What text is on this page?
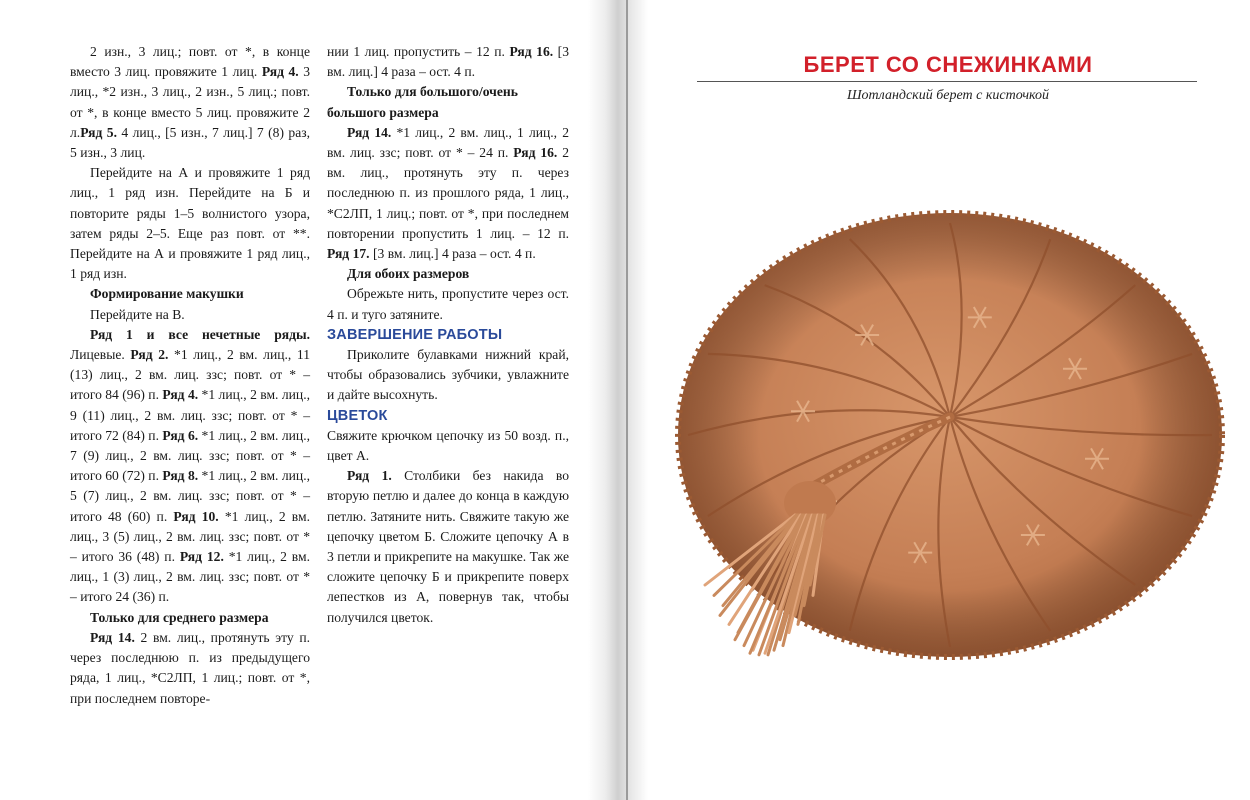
2 изн., 3 лиц.; повт. от *, в конце вместо 3 лиц. провяжите 1 лиц. Ряд 4. 3 лиц., *2 изн., 3 лиц., 2 изн., 5 лиц.; повт. от *, в конце вместо 5 лиц. провяжите 2 л.Ряд 5. 4 лиц., [5 изн., 7 лиц.] 7 (8) раз, 5 изн., 3 лиц.

Перейдите на А и провяжите 1 ряд лиц., 1 ряд изн. Перейдите на Б и повторите ряды 1–5 волнистого узора, затем ряды 2–5. Еще раз повт. от **. Перейдите на А и провяжите 1 ряд лиц., 1 ряд изн.

Формирование макушки

Перейдите на В.

Ряд 1 и все нечетные ряды. Лицевые. Ряд 2. *1 лиц., 2 вм. лиц., 11 (13) лиц., 2 вм. лиц. ззс; повт. от * – итого 84 (96) п. Ряд 4. *1 лиц., 2 вм. лиц., 9 (11) лиц., 2 вм. лиц. ззс; повт. от * – итого 72 (84) п. Ряд 6. *1 лиц., 2 вм. лиц., 7 (9) лиц., 2 вм. лиц. ззс; повт. от * – итого 60 (72) п. Ряд 8. *1 лиц., 2 вм. лиц., 5 (7) лиц., 2 вм. лиц. ззс; повт. от * – итого 48 (60) п. Ряд 10. *1 лиц., 2 вм. лиц., 3 (5) лиц., 2 вм. лиц. ззс; повт. от * – итого 36 (48) п. Ряд 12. *1 лиц., 2 вм. лиц., 1 (3) лиц., 2 вм. лиц. ззс; повт. от * – итого 24 (36) п.

Только для среднего размера

Ряд 14. 2 вм. лиц., протянуть эту п. через последнюю п. из предыдущего ряда, 1 лиц., *С2ЛП, 1 лиц.; повт. от *, при последнем повторе-

нии 1 лиц. пропустить – 12 п. Ряд 16. [3 вм. лиц.] 4 раза – ост. 4 п.

Только для большого/очень большого размера

Ряд 14. *1 лиц., 2 вм. лиц., 1 лиц., 2 вм. лиц. ззс; повт. от * – 24 п. Ряд 16. 2 вм. лиц., протянуть эту п. через последнюю п. из прошлого ряда, 1 лиц., *С2ЛП, 1 лиц.; повт. от *, при последнем повторении пропустить 1 лиц. – 12 п. Ряд 17. [3 вм. лиц.] 4 раза – ост. 4 п.

Для обоих размеров

Обрежьте нить, пропустите через ост. 4 п. и туго затяните.

ЗАВЕРШЕНИЕ РАБОТЫ

Приколите булавками нижний край, чтобы образовались зубчики, увлажните и дайте высохнуть.

ЦВЕТОК

Свяжите крючком цепочку из 50 возд. п., цвет А.

Ряд 1. Столбики без накида во вторую петлю и далее до конца в каждую петлю. Затяните нить. Свяжите такую же цепочку цветом Б. Сложите цепочку А в 3 петли и прикрепите на макушке. Так же сложите цепочку Б и прикрепите поверх лепестков из А, повернув так, чтобы получился цветок.

БЕРЕТ СО СНЕЖИНКАМИ
Шотландский берет с кисточкой
